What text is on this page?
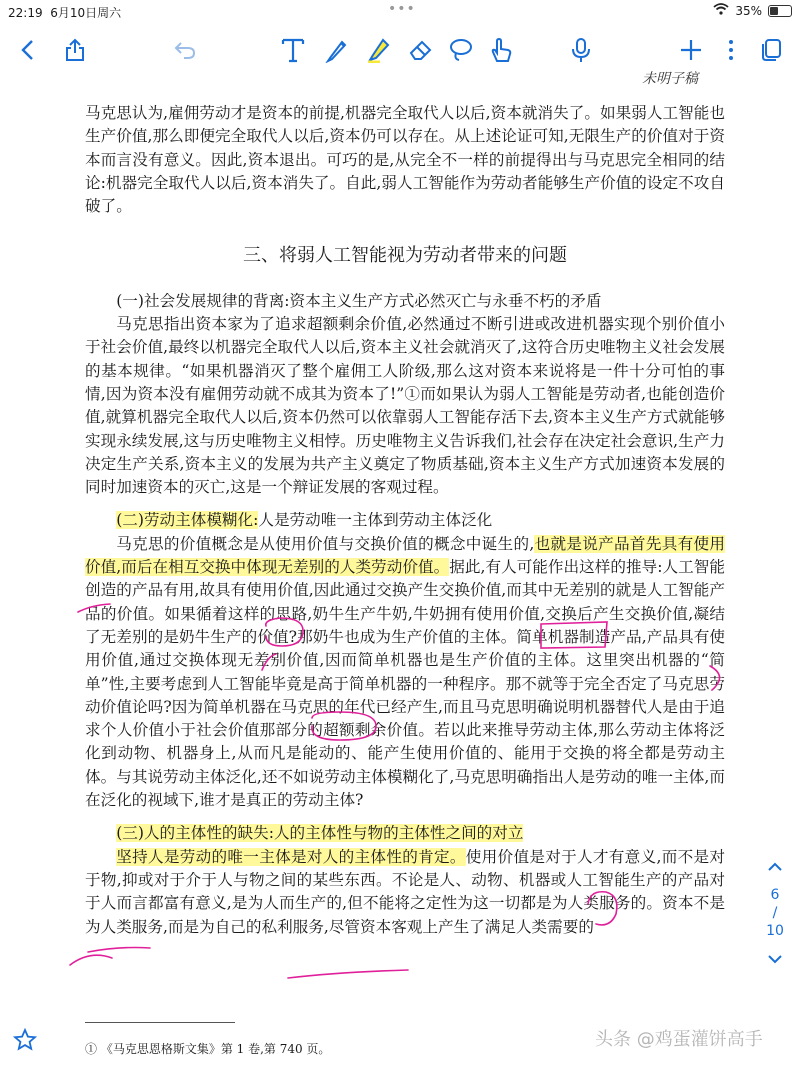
22:19 6月10日周六	•••	35%
未明子稿

马克思认为,雇佣劳动才是资本的前提,机器完全取代人以后,资本就消失了。如果弱人工智能也生产价值,那么即便完全取代人以后,资本仍可以存在。从上述论证可知,无限生产的价值对于资本而言没有意义。因此,资本退出。可巧的是,从完全不一样的前提得出与马克思完全相同的结论:机器完全取代人以后,资本消失了。自此,弱人工智能作为劳动者能够生产价值的设定不攻自破了。

三、将弱人工智能视为劳动者带来的问题
(一)社会发展规律的背离:资本主义生产方式必然灭亡与永垂不朽的矛盾

马克思指出资本家为了追求超额剩余价值,必然通过不断引进或改进机器实现个别价值小于社会价值,最终以机器完全取代人以后,资本主义社会就消灭了,这符合历史唯物主义社会发展的基本规律。“如果机器消灭了整个雇佣工人阶级,那么这对资本来说将是一件十分可怕的事情,因为资本没有雇佣劳动就不成其为资本了!”①而如果认为弱人工智能是劳动者,也能创造价值,就算机器完全取代人以后,资本仍然可以依靠弱人工智能存活下去,资本主义生产方式就能够实现永续发展,这与历史唯物主义相悖。历史唯物主义告诉我们,社会存在决定社会意识,生产力决定生产关系,资本主义的发展为共产主义奠定了物质基础,资本主义生产方式加速资本发展的同时加速资本的灭亡,这是一个辩证发展的客观过程。

(二)劳动主体模糊化:人是劳动唯一主体到劳动主体泛化

马克思的价值概念是从使用价值与交换价值的概念中诞生的,也就是说产品首先具有使用价值,而后在相互交换中体现无差别的人类劳动价值。据此,有人可能作出这样的推导:人工智能创造的产品有用,故具有使用价值,因此通过交换产生交换价值,而其中无差别的就是人工智能产品的价值。如果循着这样的思路,奶牛生产牛奶,牛奶拥有使用价值,交换后产生交换价值,凝结了无差别的是奶牛生产的价值?那奶牛也成为生产价值的主体。简单机器制造产品,产品具有使用价值,通过交换体现无差别价值,因而简单机器也是生产价值的主体。这里突出机器的“简单”性,主要考虑到人工智能毕竟是高于简单机器的一种程序。那不就等于完全否定了马克思劳动价值论吗?因为简单机器在马克思的年代已经产生,而且马克思明确说明机器替代人是由于追求个人价值小于社会价值那部分的超额剩余价值。若以此来推导劳动主体,那么劳动主体将泛化到动物、机器身上,从而凡是能动的、能产生使用价值的、能用于交换的将全都是劳动主体。与其说劳动主体泛化,还不如说劳动主体模糊化了,马克思明确指出人是劳动的唯一主体,而在泛化的视域下,谁才是真正的劳动主体?

(三)人的主体性的缺失:人的主体性与物的主体性之间的对立

坚持人是劳动的唯一主体是对人的主体性的肯定。使用价值是对于人才有意义,而不是对于物,抑或对于介于人与物之间的某些东西。不论是人、动物、机器或人工智能生产的产品对于人而言都富有意义,是为人而生产的,但不能将之定性为这一切都是为人类服务的。资本不是为人类服务,而是为自己的私利服务,尽管资本客观上产生了满足人类需要的

① 《马克思恩格斯文集》第 1 卷,第 740 页。
6
/
10
头条 @鸡蛋灌饼高手
